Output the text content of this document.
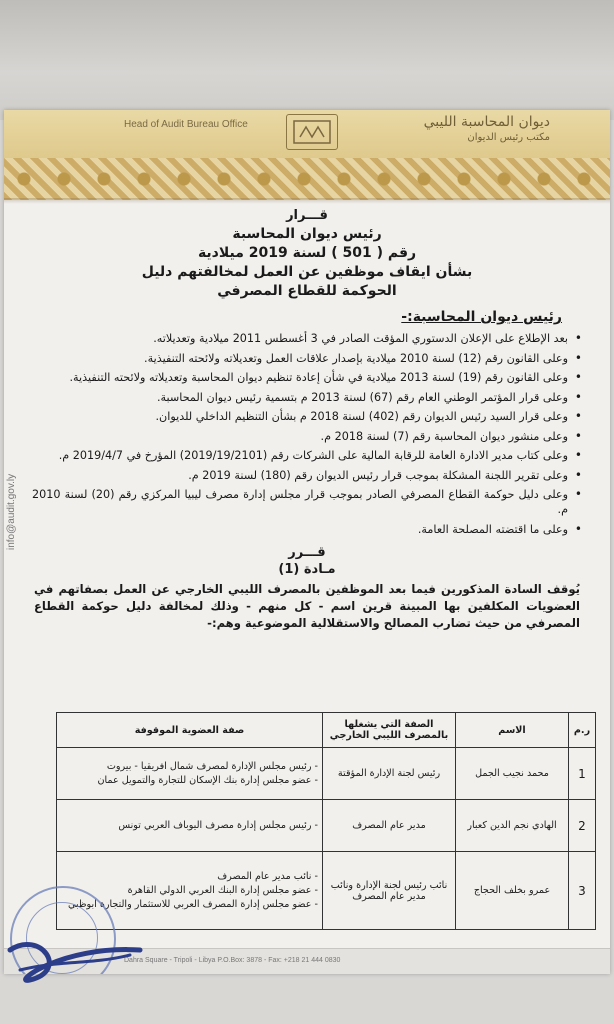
Head of Audit Bureau Office	ديوان المحاسبة الليبي
مكتب رئيس الديوان
قـــرار
رئيس ديوان المحاسبة
رقم ( 501 ) لسنة 2019 ميلادية
بشأن ايقاف موظفين عن العمل لمخالفتهم دليل
الحوكمة للقطاع المصرفي
رئيس ديوان المحاسبة:-
• بعد الإطلاع على الإعلان الدستوري المؤقت الصادر في 3 أغسطس 2011 ميلادية وتعديلاته.
• وعلى القانون رقم (12) لسنة 2010 ميلادية بإصدار علاقات العمل وتعديلاته ولائحته التنفيذية.
• وعلى القانون رقم (19) لسنة 2013 ميلادية في شأن إعادة تنظيم ديوان المحاسبة وتعديلاته ولائحته التنفيذية.
• وعلى قرار المؤتمر الوطني العام رقم (67) لسنة 2013 م بتسمية رئيس ديوان المحاسبة.
• وعلى قرار السيد رئيس الديوان رقم (402) لسنة 2018 م بشأن التنظيم الداخلي للديوان.
• وعلى منشور ديوان المحاسبة رقم (7) لسنة 2018 م.
• وعلى كتاب مدير الادارة العامة للرقابة المالية على الشركات رقم (2019/19/2101) المؤرخ في 2019/4/7 م.
• وعلى تقرير اللجنة المشكلة بموجب قرار رئيس الديوان رقم (180) لسنة 2019 م.
• وعلى دليل حوكمة القطاع المصرفي الصادر بموجب قرار مجلس إدارة مصرف ليبيا المركزي رقم (20) لسنة 2010 م.
• وعلى ما اقتضته المصلحة العامة.
قـــرر
مـادة (1)
يُوقف السادة المذكورين فيما بعد الموظفين بالمصرف الليبي الخارجي عن العمل بصفاتهم في العضويات المكلفين بها المبينة قرين اسم - كل منهم - وذلك لمخالفة دليل حوكمة القطاع المصرفي من حيث تضارب المصالح والاستقلالية الموضوعية وهم:-
ر.م	الاسم	الصفة التي يشغلها بالمصرف الليبي الخارجي	صفة العضوية الموقوفة
1	محمد نجيب الجمل	رئيس لجنة الإدارة المؤقتة	- رئيس مجلس الإدارة لمصرف شمال افريقيا - بيروت
- عضو مجلس إدارة بنك الإسكان للتجارة والتمويل عمان

2	الهادي نجم الدين كعبار	مدير عام المصرف	- رئيس مجلس إدارة مصرف اليوباف العربي تونس

3	عمرو بخلف الحجاج	نائب رئيس لجنة الإدارة ونائب مدير عام المصرف	- نائب مدير عام المصرف
- عضو مجلس إدارة البنك العربي الدولي القاهرة
- عضو مجلس إدارة المصرف العربي للاستثمار والتجارة ابوظبي
Dahra Square - Tripoli - Libya P.O.Box: 3878 - Fax: +218 21 444 0830
info@audit.gov.ly
